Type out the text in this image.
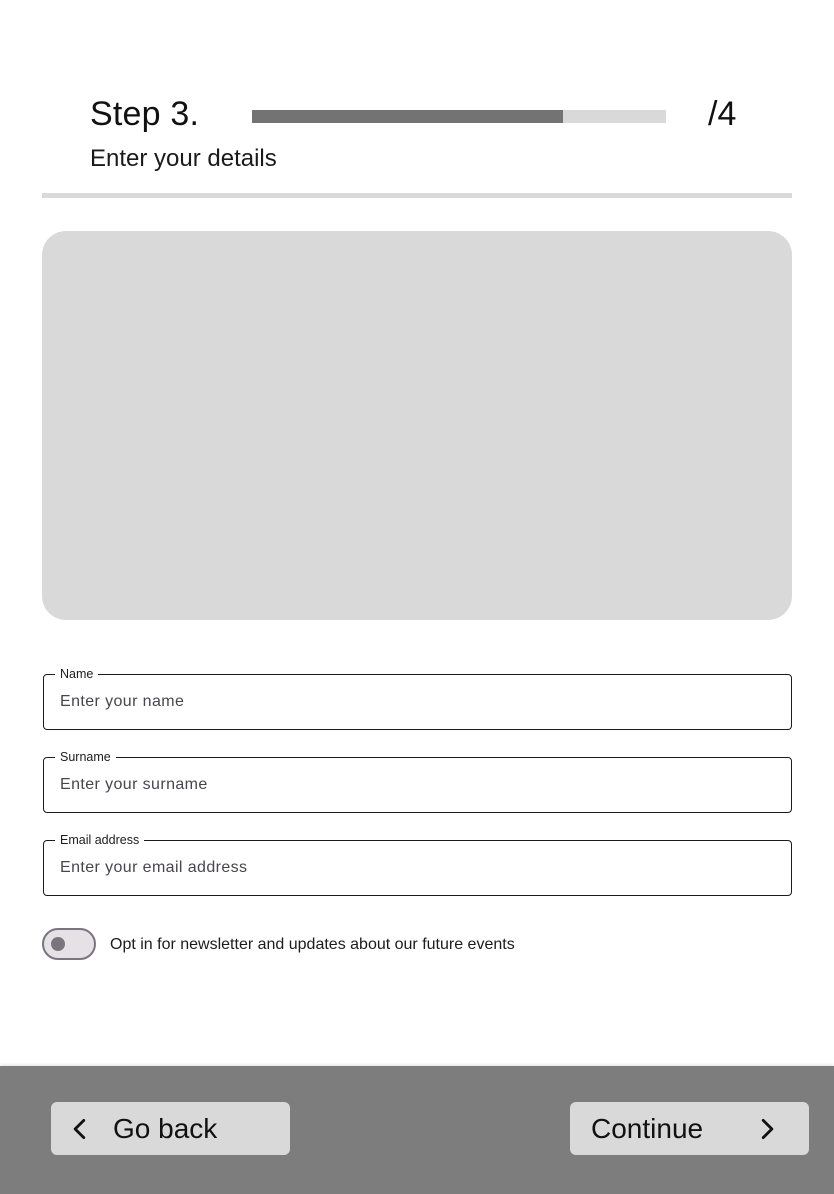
Step 3.	/4
Enter your details
Enter your name
Name
Enter your surname
Surname
Enter your email address
Email address
Opt in for newsletter and updates about our future events
Go back	Continue
